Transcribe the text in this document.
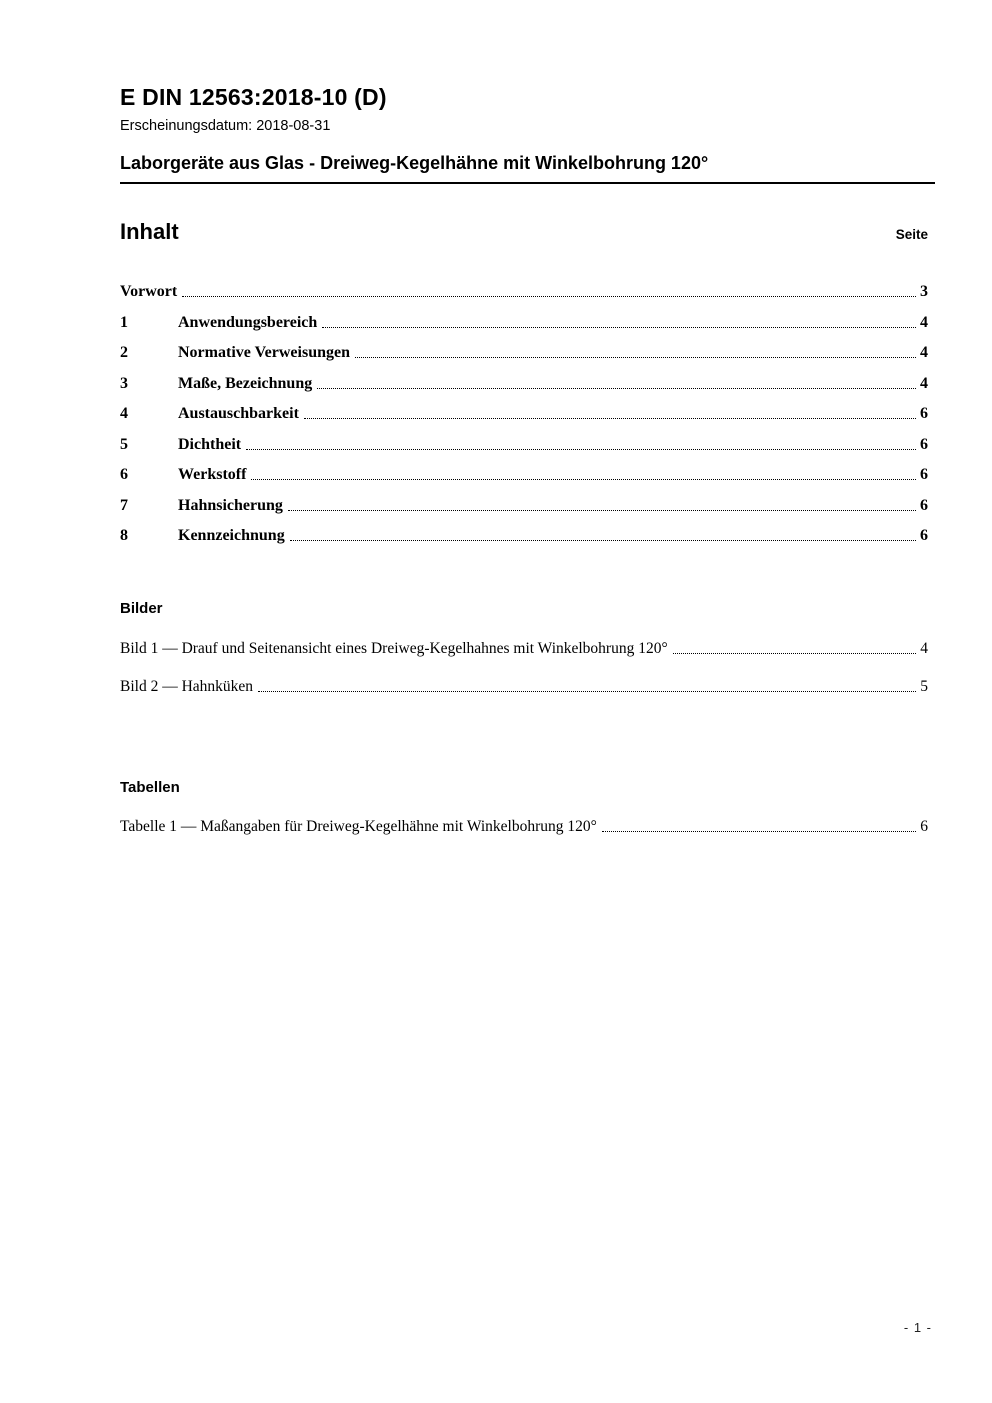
E DIN 12563:2018-10 (D)
Erscheinungsdatum: 2018-08-31
Laborgeräte aus Glas - Dreiweg-Kegelhähne mit Winkelbohrung 120°
Inhalt	Seite
Vorwort	3
1	Anwendungsbereich	4
2	Normative Verweisungen	4
3	Maße, Bezeichnung	4
4	Austauschbarkeit	6
5	Dichtheit	6
6	Werkstoff	6
7	Hahnsicherung	6
8	Kennzeichnung	6
Bilder
Bild 1 — Drauf und Seitenansicht eines Dreiweg-Kegelhahnes mit Winkelbohrung 120°	4
Bild 2 — Hahnküken	5
Tabellen
Tabelle 1 — Maßangaben für Dreiweg-Kegelhähne mit Winkelbohrung 120°	6
- 1 -
